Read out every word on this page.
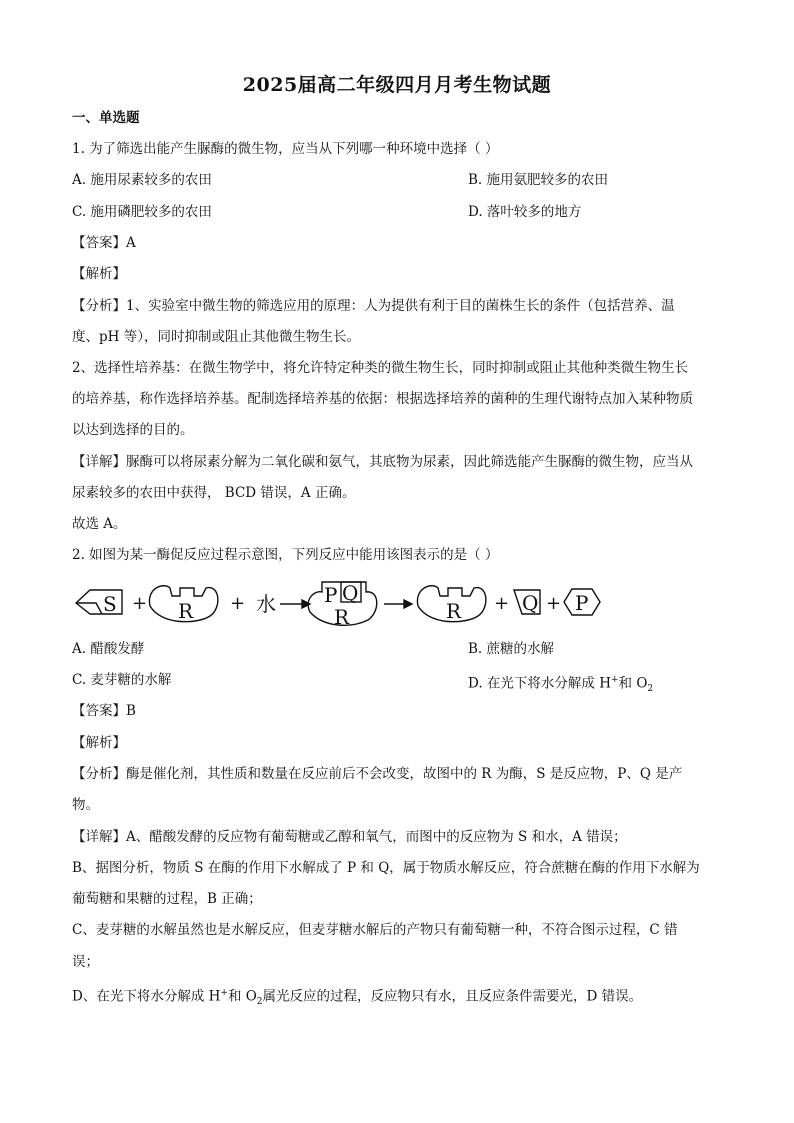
2025届高二年级四月月考生物试题
一、单选题
1. 为了筛选出能产生脲酶的微生物，应当从下列哪一种环境中选择（ ）
A. 施用尿素较多的农田	B. 施用氨肥较多的农田
C. 施用磷肥较多的农田	D. 落叶较多的地方
【答案】A
【解析】
【分析】1、实验室中微生物的筛选应用的原理：人为提供有利于目的菌株生长的条件（包括营养、温
度、pH 等），同时抑制或阻止其他微生物生长。
2、选择性培养基：在微生物学中，将允许特定种类的微生物生长，同时抑制或阻止其他种类微生物生长
的培养基，称作选择培养基。配制选择培养基的依据：根据选择培养的菌种的生理代谢特点加入某种物质
以达到选择的目的。
【详解】脲酶可以将尿素分解为二氧化碳和氨气，其底物为尿素，因此筛选能产生脲酶的微生物，应当从
尿素较多的农田中获得， BCD 错误，A 正确。
故选 A。
2. 如图为某一酶促反应过程示意图，下列反应中能用该图表示的是（ ）
S + R + 水 P Q
R	R + Q + P
A. 醋酸发酵	B. 蔗糖的水解
C. 麦芽糖的水解	D. 在光下将水分解成 H+和 $O_2$
【答案】B
【解析】
【分析】酶是催化剂，其性质和数量在反应前后不会改变，故图中的 R 为酶，S 是反应物，P、Q 是产
物。
【详解】A、醋酸发酵的反应物有葡萄糖或乙醇和氧气，而图中的反应物为 S 和水，A 错误；
B、据图分析，物质 S 在酶的作用下水解成了 P 和 Q，属于物质水解反应，符合蔗糖在酶的作用下水解为
葡萄糖和果糖的过程，B 正确；
C、麦芽糖的水解虽然也是水解反应，但麦芽糖水解后的产物只有葡萄糖一种，不符合图示过程，C 错
误；
D、在光下将水分解成 H+和 $O_2$属光反应的过程，反应物只有水，且反应条件需要光，D 错误。
